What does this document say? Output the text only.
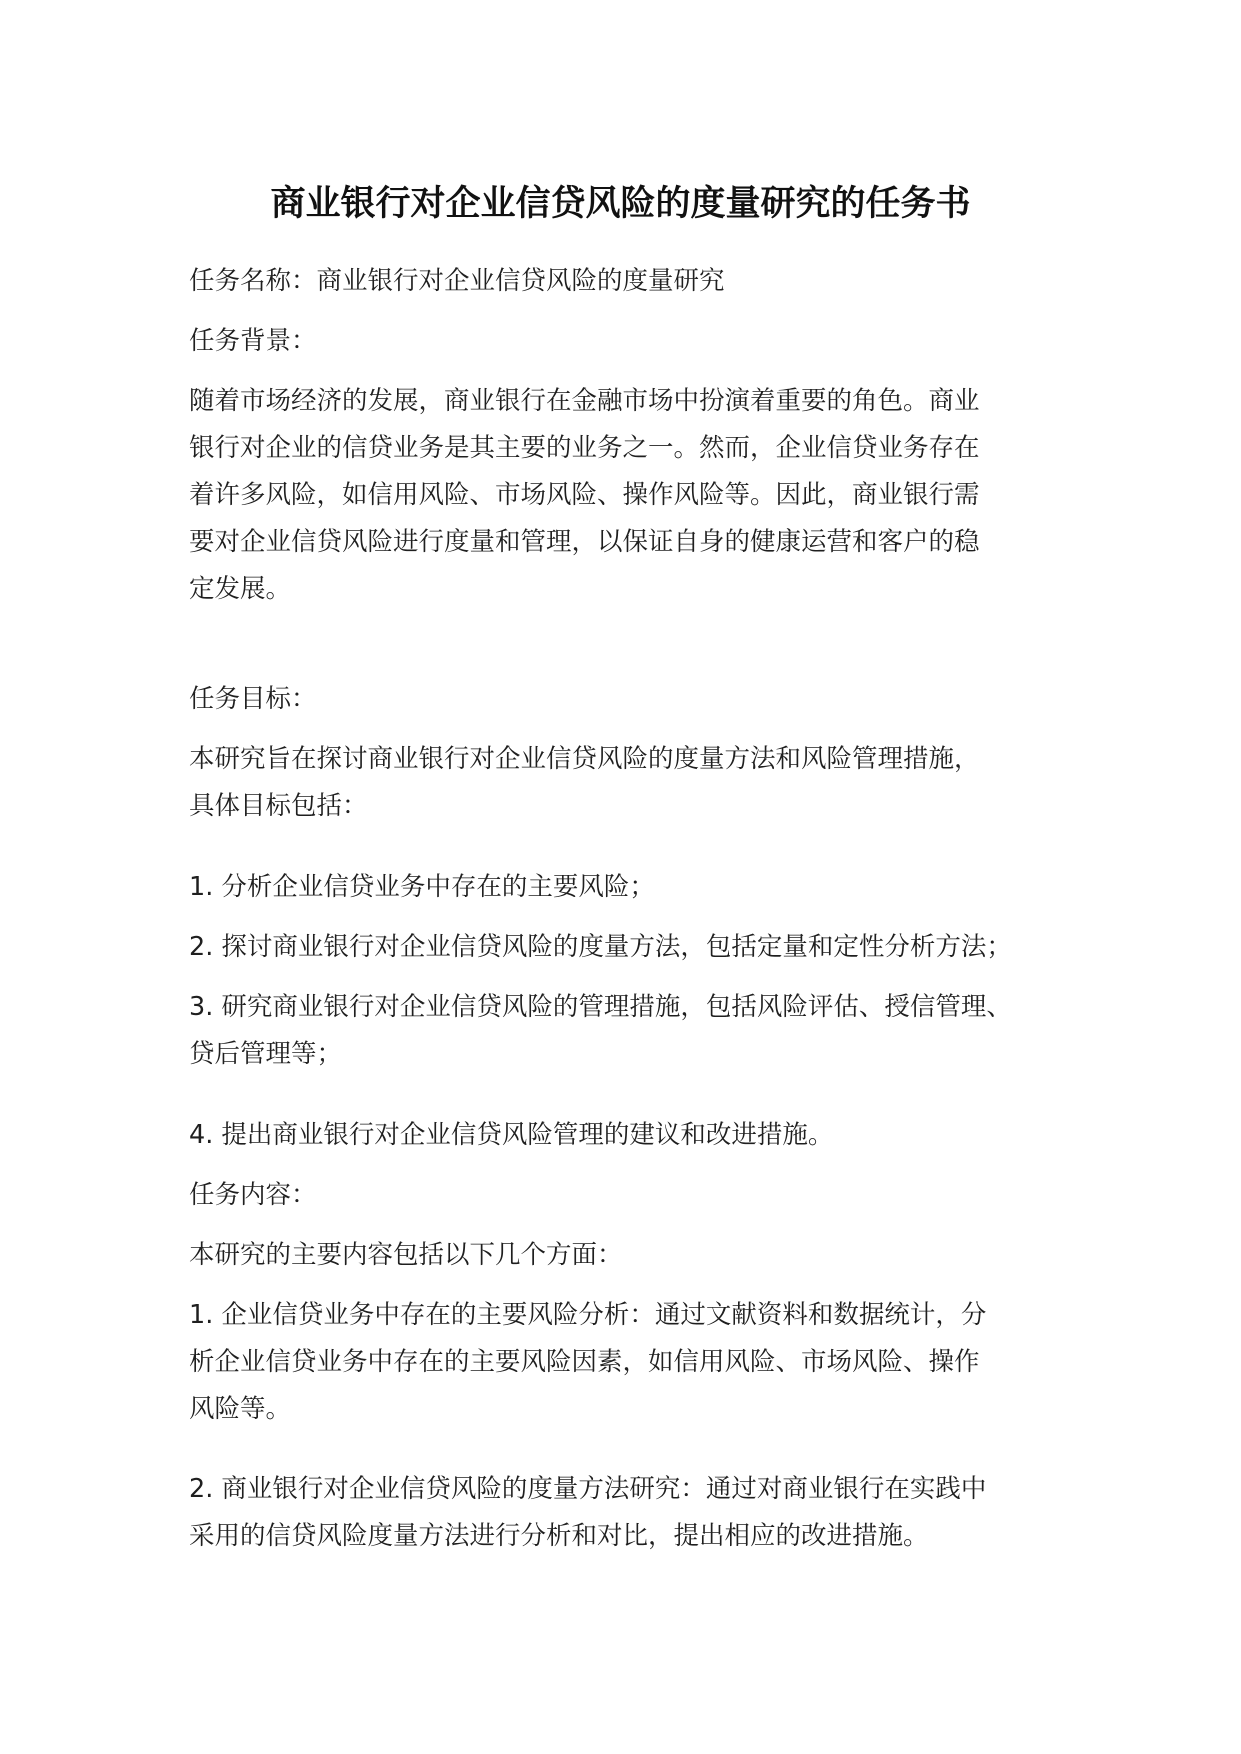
商业银行对企业信贷风险的度量研究的任务书

任务名称：商业银行对企业信贷风险的度量研究

任务背景：

随着市场经济的发展，商业银行在金融市场中扮演着重要的角色。商业
银行对企业的信贷业务是其主要的业务之一。然而，企业信贷业务存在
着许多风险，如信用风险、市场风险、操作风险等。因此，商业银行需
要对企业信贷风险进行度量和管理，以保证自身的健康运营和客户的稳
定发展。

任务目标：

本研究旨在探讨商业银行对企业信贷风险的度量方法和风险管理措施，
具体目标包括：

1. 分析企业信贷业务中存在的主要风险；

2. 探讨商业银行对企业信贷风险的度量方法，包括定量和定性分析方法；

3. 研究商业银行对企业信贷风险的管理措施，包括风险评估、授信管理、
贷后管理等；

4. 提出商业银行对企业信贷风险管理的建议和改进措施。

任务内容：

本研究的主要内容包括以下几个方面：

1. 企业信贷业务中存在的主要风险分析：通过文献资料和数据统计，分
析企业信贷业务中存在的主要风险因素，如信用风险、市场风险、操作
风险等。

2. 商业银行对企业信贷风险的度量方法研究：通过对商业银行在实践中
采用的信贷风险度量方法进行分析和对比，提出相应的改进措施。
